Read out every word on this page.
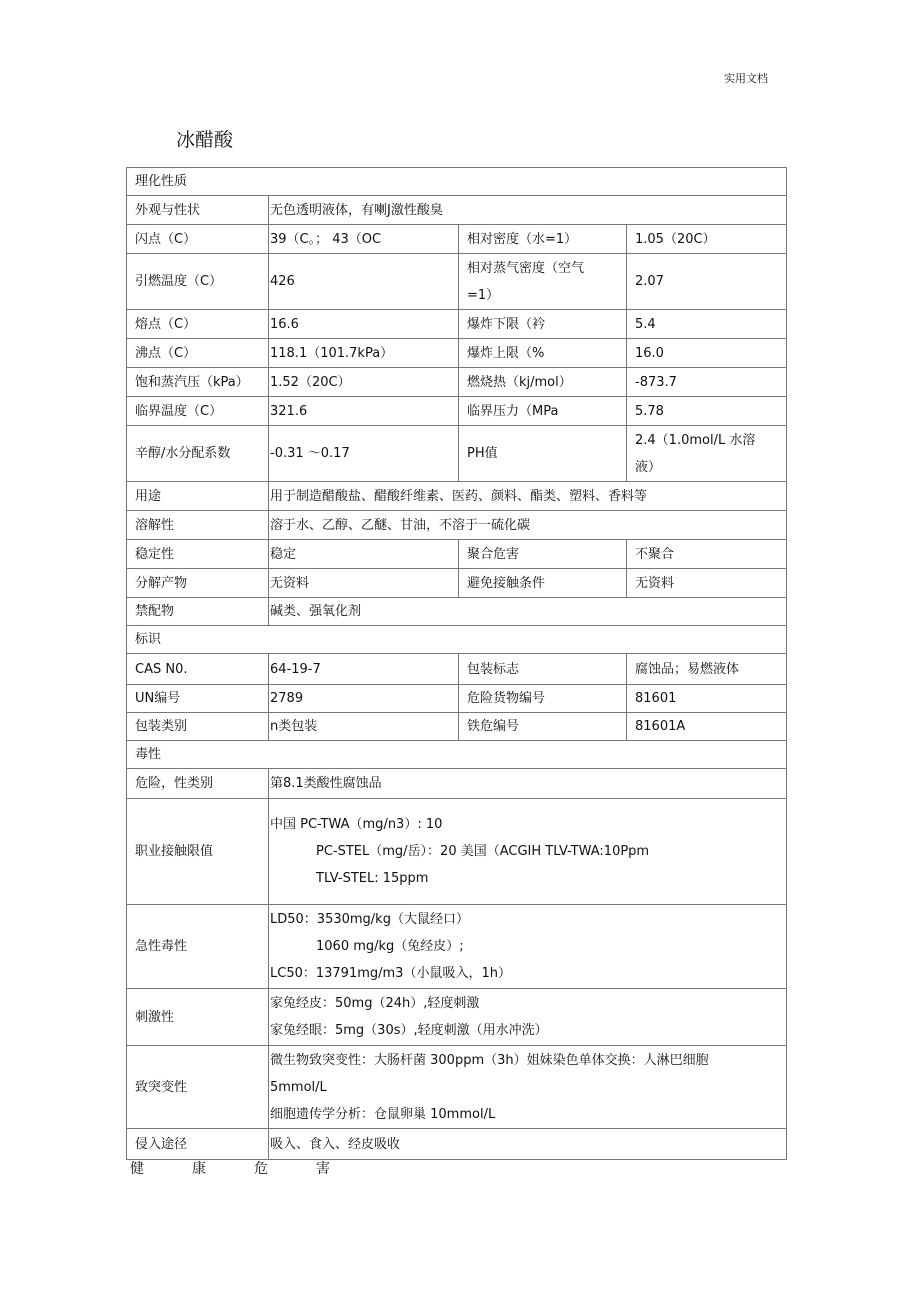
实用文档
冰醋酸
理化性质			

外观与性状	无色透明液体，有喇J激性酸臭		

闪点（C）	39（C。； 43（OC	相对密度（水=1）	1.05（20C）

引燃温度（C）	426	相对蒸气密度（空气
=1）	2.07

熔点（C）	16.6	爆炸下限（衿	5.4

沸点（C）	118.1（101.7kPa）	爆炸上限（%	16.0

饱和蒸汽压（kPa）	1.52（20C）	燃烧热（kj/mol）	-873.7

临界温度（C）	321.6	临界压力（MPa	5.78

辛醇/水分配系数	-0.31 ～0.17	PH值	2.4（1.0mol/L 水溶
液）

用途	用于制造醋酸盐、醋酸纤维素、医药、颜料、酯类、塑料、香料等		

溶解性	溶于水、乙醇、乙醚、甘油，不溶于一硫化碳		

稳定性	稳定	聚合危害	不聚合

分解产物	无资料	避免接触条件	无资料

禁配物	碱类、强氧化剂		

标识			

CAS N0.	64-19-7	包装标志	腐蚀品；易燃液体

UN编号	2789	危险货物编号	81601

包装类别	n类包装	铁危编号	81601A

毒性			

危险，性类别	第8.1类酸性腐蚀品		

职业接触限值	中国 PC-TWA（mg/n3）: 10
PC-STEL（mg/岳）：20 美国（ACGIH TLV-TWA:10Ppm
TLV-STEL: 15ppm		

急性毒性	LD50：3530mg/kg（大鼠经口）
1060 mg/kg（兔经皮）;
LC50：13791mg/m3（小鼠吸入，1h）		

刺激性	家兔经皮：50mg（24h）,轻度刺激
家兔经眼：5mg（30s）,轻度刺激（用水冲洗）		

致突变性	微生物致突变性：大肠杆菌 300ppm（3h）姐妹染色单体交换：人淋巴细胞
5mmol/L
细胞遗传学分析：仓鼠卵巢 10mmol/L		

侵入途径	吸入、食入、经皮吸收		
健	康	危	害
